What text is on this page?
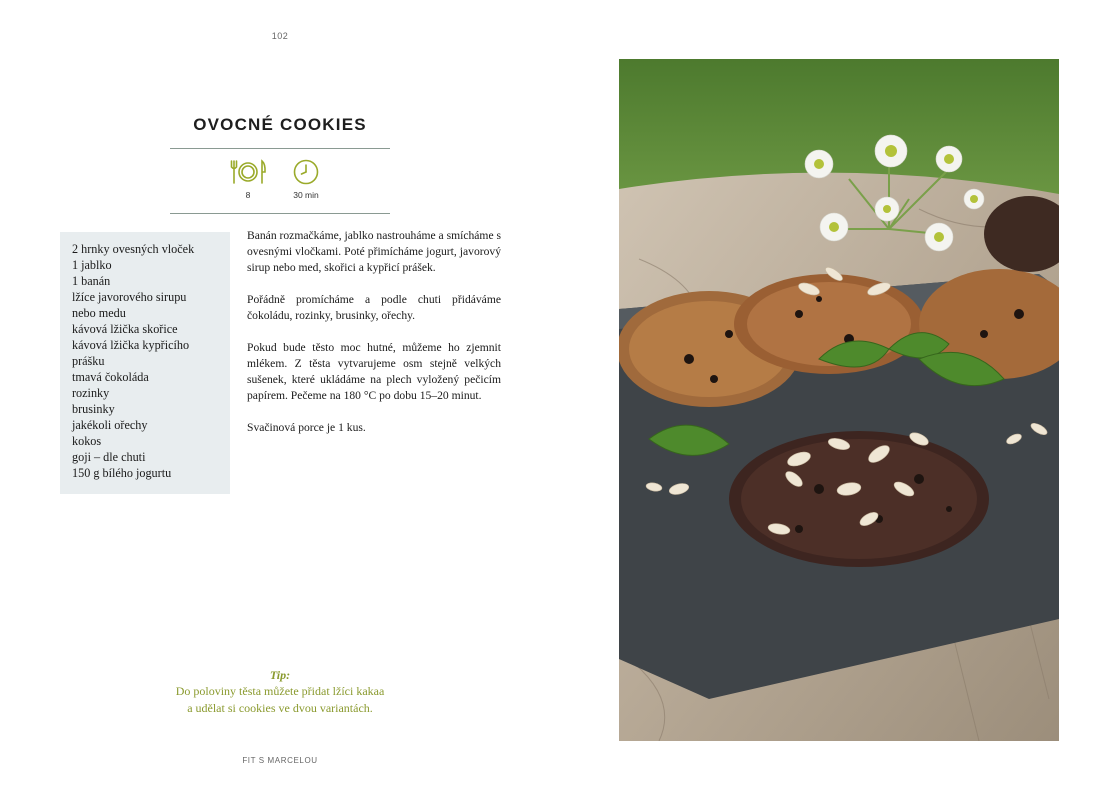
102
OVOCNÉ COOKIES
8	30 min
2 hrnky ovesných vloček
1 jablko
1 banán
lžíce javorového sirupu
nebo medu
kávová lžička skořice
kávová lžička kypřicího
prášku
tmavá čokoláda
rozinky
brusinky
jakékoli ořechy
kokos
goji – dle chuti
150 g bílého jogurtu

Banán rozmačkáme, jablko nastrouháme a smícháme s ovesnými vločkami. Poté přimícháme jogurt, javorový sirup nebo med, skořici a kypřicí prášek.

Pořádně promícháme a podle chuti přidáváme čokoládu, rozinky, brusinky, ořechy.

Pokud bude těsto moc hutné, můžeme ho zjemnit mlékem. Z těsta vytvarujeme osm stejně velkých sušenek, které ukládáme na plech vyložený pečicím papírem. Pečeme na 180 °C po dobu 15–20 minut.

Svačinová porce je 1 kus.

Tip:
Do poloviny těsta můžete přidat lžíci kakaa
a udělat si cookies ve dvou variantách.
FIT S MARCELOU
